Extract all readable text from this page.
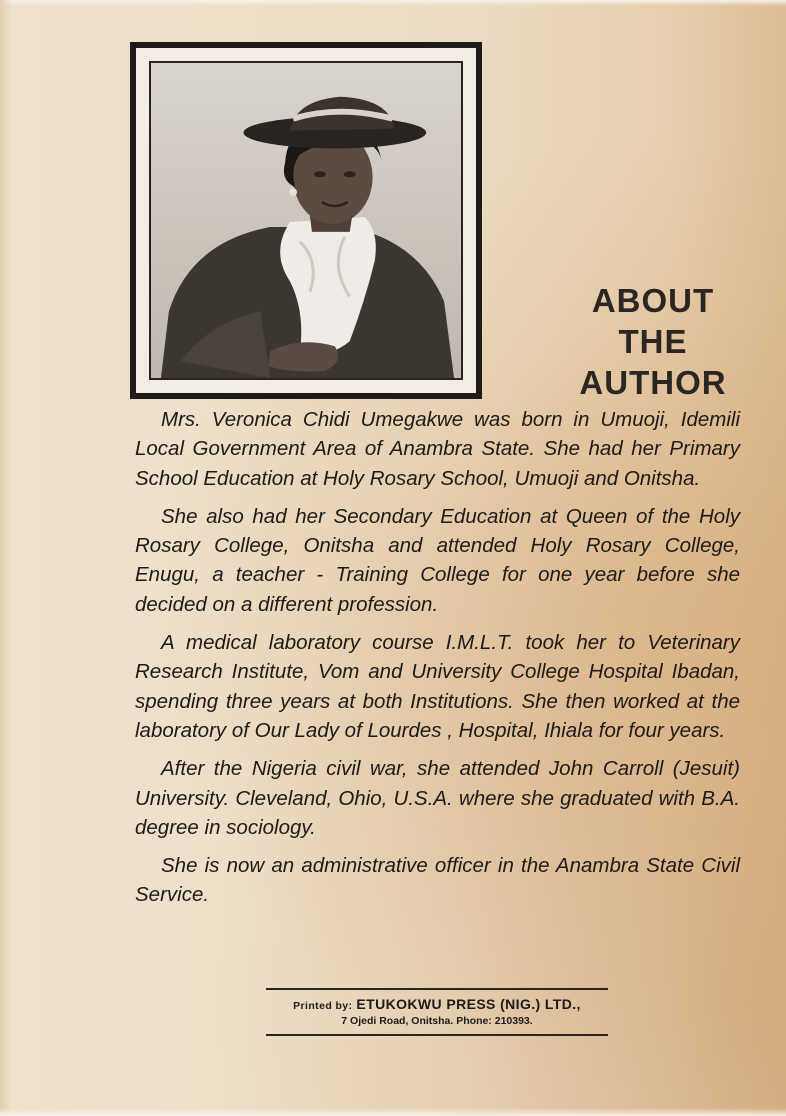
ABOUT
THE
AUTHOR

Mrs. Veronica Chidi Umegakwe was born in Umuoji, Idemili Local Government Area of Anambra State. She had her Primary School Education at Holy Rosary School, Umuoji and Onitsha.

She also had her Secondary Education at Queen of the Holy Rosary College, Onitsha and attended Holy Rosary College, Enugu, a teacher - Training College for one year before she decided on a different profession.

A medical laboratory course I.M.L.T. took her to Veterinary Research Institute, Vom and University College Hospital Ibadan, spending three years at both Institutions. She then worked at the laboratory of Our Lady of Lourdes , Hospital, Ihiala for four years.

After the Nigeria civil war, she attended John Carroll (Jesuit) University. Cleveland, Ohio, U.S.A. where she graduated with B.A. degree in sociology.

She is now an administrative officer in the Anambra State Civil Service.

Printed by: ETUKOKWU PRESS (NIG.) LTD.,
7 Ojedi Road, Onitsha. Phone: 210393.
